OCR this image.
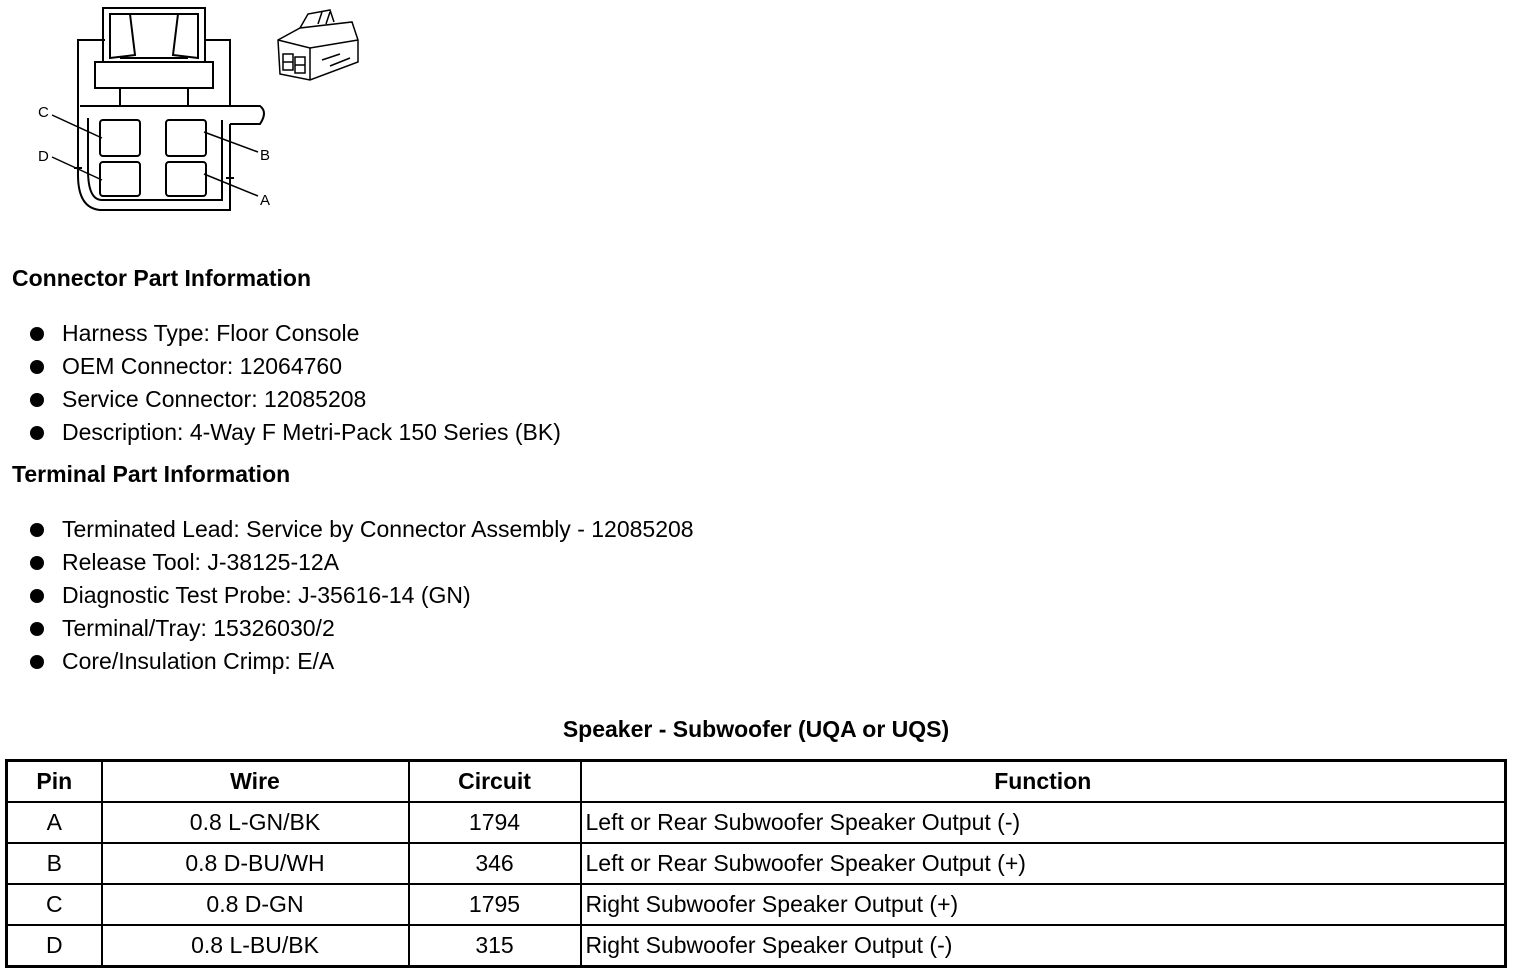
C
B
D
A
Connector Part Information
Harness Type: Floor Console
OEM Connector: 12064760
Service Connector: 12085208
Description: 4-Way F Metri-Pack 150 Series (BK)
Terminal Part Information
Terminated Lead: Service by Connector Assembly - 12085208
Release Tool: J-38125-12A
Diagnostic Test Probe: J-35616-14 (GN)
Terminal/Tray: 15326030/2
Core/Insulation Crimp: E/A
Speaker - Subwoofer (UQA or UQS)
Pin	Wire	Circuit	Function
A	0.8 L-GN/BK	1794	Left or Rear Subwoofer Speaker Output (-)
B	0.8 D-BU/WH	346	Left or Rear Subwoofer Speaker Output (+)
C	0.8 D-GN	1795	Right Subwoofer Speaker Output (+)
D	0.8 L-BU/BK	315	Right Subwoofer Speaker Output (-)
